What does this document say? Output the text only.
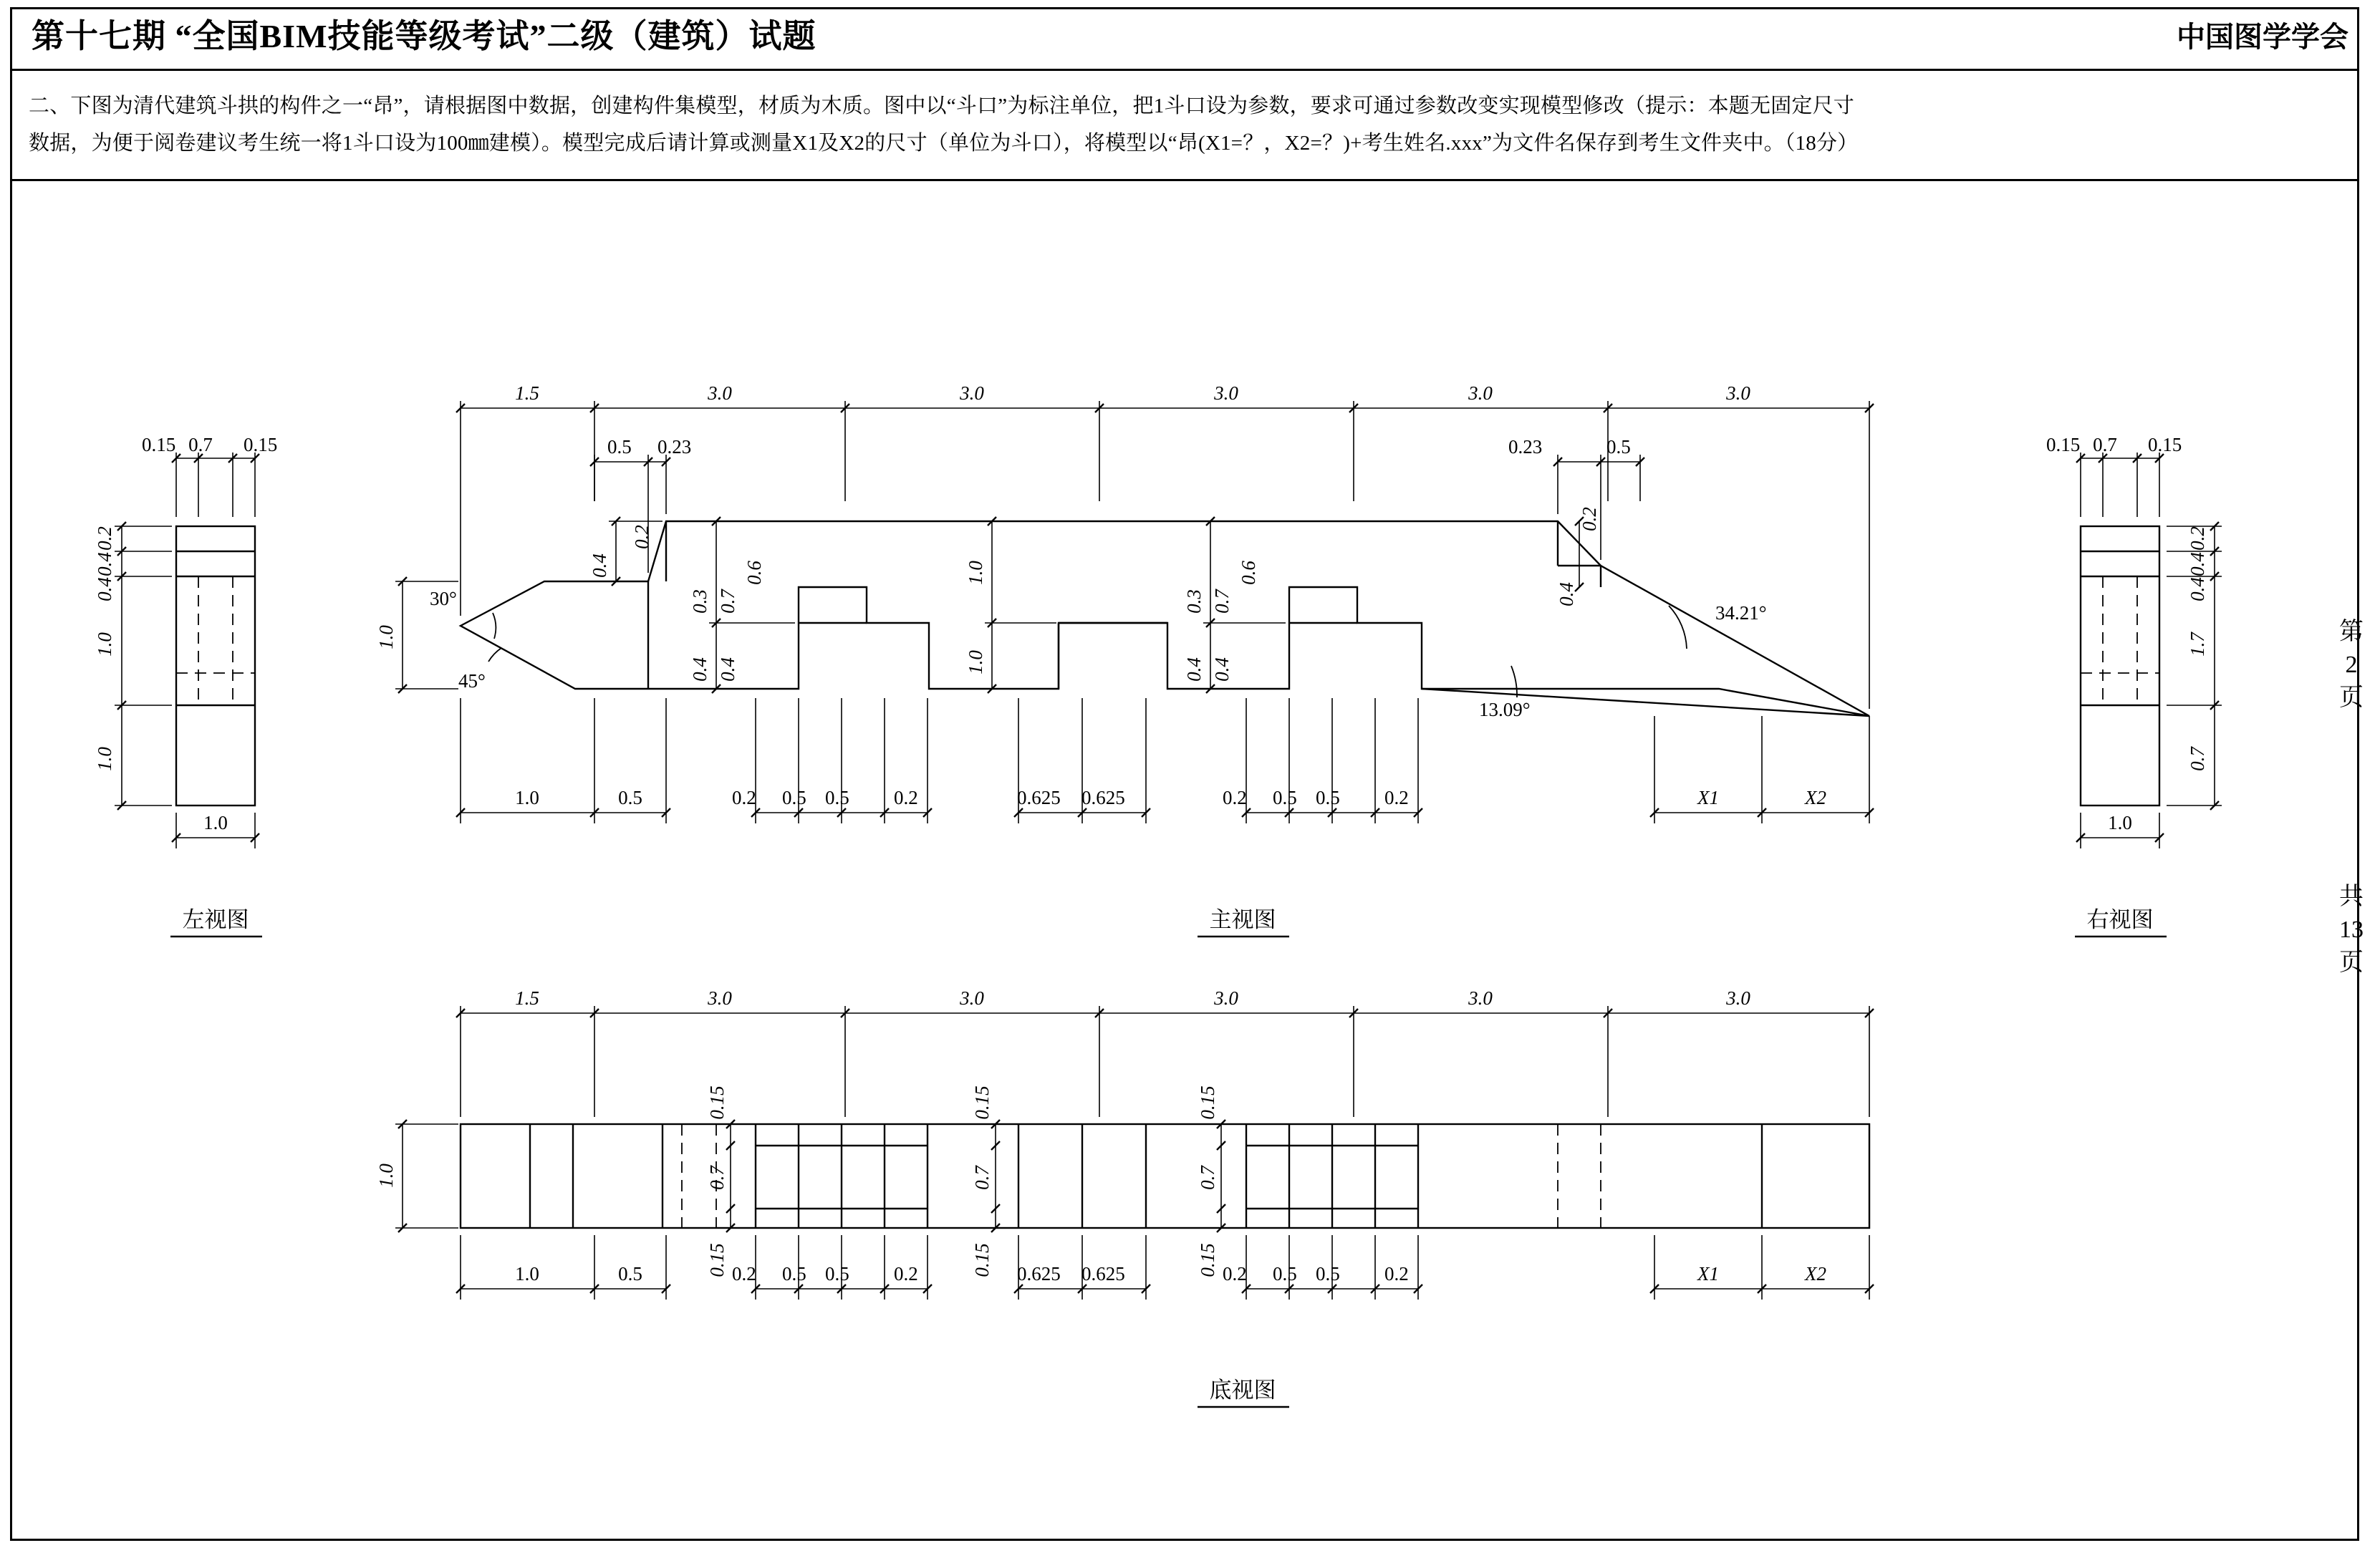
第十七期 “全国BIM技能等级考试”二级（建筑）试题	中国图学学会
二、下图为清代建筑斗拱的构件之一“昂”，请根据图中数据，创建构件集模型，材质为木质。图中以“斗口”为标注单位，把1斗口设为参数，要求可通过参数改变实现模型修改（提示：本题无固定尺寸
数据，为便于阅卷建议考生统一将1斗口设为100㎜建模）。模型完成后请计算或测量X1及X2的尺寸（单位为斗口），将模型以“昂(X1=？，X2=？)+考生姓名.xxx”为文件名保存到考生文件夹中。（18分）
第
2
页
共
13
页
0.15 0.7 0.15
0.2
0.4
0.4
1.0
1.0
1.0
左视图
0.15 0.7 0.15
0.2
0.4
0.4
1.7
0.7
1.0
右视图
30°
45°
34.21°
13.09°
1.5	3.0	3.0	3.0	3.0	3.0
0.5 0.23	0.23	0.5
1.0
0.4
0.2
0.3 0.7
0.6
0.4 0.4
1.0
1.0
0.3 0.7
0.6
0.4 0.4
0.2
0.4
1.0	0.5	0.2 0.5 0.5 0.2	0.625 0.625	0.2 0.5 0.5 0.2	X1	X2
主视图
1.5	3.0	3.0	3.0	3.0	3.0
1.0
0.15
0.7
0.15
0.15
0.7
0.15
0.15
0.7
0.15
1.0	0.5	0.2 0.5 0.5 0.2	0.625 0.625	0.2 0.5 0.5 0.2	X1	X2
底视图
